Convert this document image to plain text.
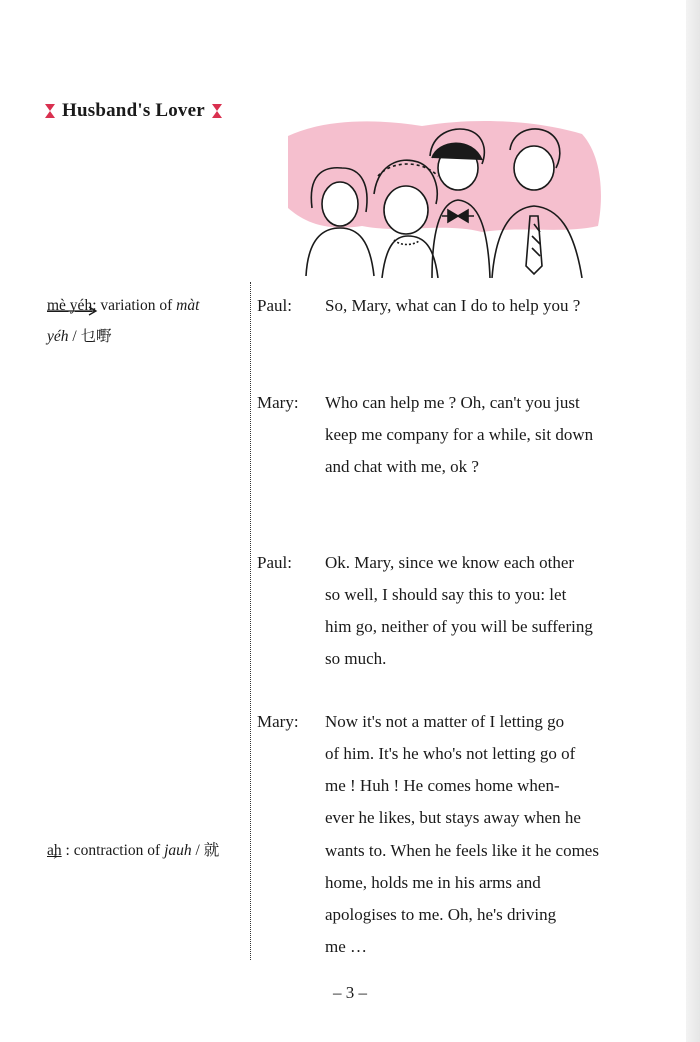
Husband's Lover
mè yéh: variation of màt
yéh / 乜嘢
ah : contraction of jauh / 就
Paul: So, Mary, what can I do to help you ?
Mary: Who can help me ? Oh, can't you just
keep me company for a while, sit down
and chat with me, ok ?
Paul: Ok. Mary, since we know each other
so well, I should say this to you: let
him go, neither of you will be suffering
so much.
Mary: Now it's not a matter of I letting go
of him. It's he who's not letting go of
me ! Huh ! He comes home when-
ever he likes, but stays away when he
wants to. When he feels like it he comes
home, holds me in his arms and
apologises to me. Oh, he's driving
me …
– 3 –
